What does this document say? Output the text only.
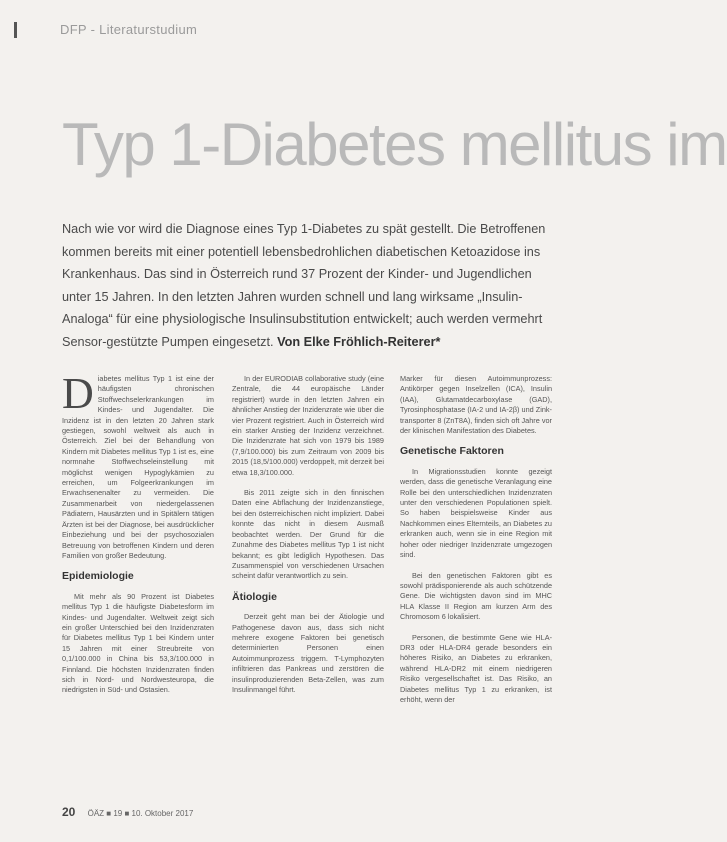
DFP - Literaturstudium
Typ 1-Diabetes mellitus im
Nach wie vor wird die Diagnose eines Typ 1-Diabetes zu spät gestellt. Die Betroffenen kommen bereits mit einer potentiell lebensbedrohlichen diabetischen Ketoazidose ins Krankenhaus. Das sind in Österreich rund 37 Prozent der Kinder- und Jugendlichen unter 15 Jahren. In den letzten Jahren wurden schnell und lang wirksame „Insulin-Analoga“ für eine physiologische Insulinsubstitution entwickelt; auch werden vermehrt Sensor-gestützte Pumpen eingesetzt. Von Elke Fröhlich-Reiterer*

Diabetes mellitus Typ 1 ist eine der häufigsten chronischen Stoffwechselerkrankungen im Kindes- und Jugendalter. Die Inzidenz ist in den letzten 20 Jahren stark gestiegen, sowohl weltweit als auch in Österreich. Ziel bei der Behandlung von Kindern mit Diabetes mellitus Typ 1 ist es, eine normnahe Stoffwechseleinstellung mit möglichst wenigen Hypoglykämien zu erreichen, um Folgeerkrankungen im Erwachsenenalter zu vermeiden. Die Zusammenarbeit von niedergelassenen Pädiatern, Hausärzten und in Spitälern tätigen Ärzten ist bei der Diagnose, bei ausdrücklicher Einbeziehung und bei der psychosozialen Betreuung von betroffenen Kindern und deren Familien von großer Bedeutung.

Epidemiologie

Mit mehr als 90 Prozent ist Diabetes mellitus Typ 1 die häufigste Diabetesform im Kindes- und Jugendalter. Weltweit zeigt sich ein großer Unterschied bei den Inzidenzraten für Diabetes mellitus Typ 1 bei Kindern unter 15 Jahren mit einer Streubreite von 0,1/100.000 in China bis 53,3/100.000 in Finnland. Die höchsten Inzidenzraten finden sich in Nord- und Nordwesteuropa, die niedrigsten in Süd- und Ostasien.

In der EURODIAB collaborative study (eine Zentrale, die 44 europäische Länder registriert) wurde in den letzten Jahren ein ähnlicher Anstieg der Inzidenzrate wie über die vier Prozent registriert. Auch in Österreich wird ein starker Anstieg der Inzidenz verzeichnet. Die Inzidenzrate hat sich von 1979 bis 1989 (7,9/100.000) bis zum Zeitraum von 2009 bis 2015 (18,5/100.000) verdoppelt, mit derzeit bei etwa 18,3/100.000.

Bis 2011 zeigte sich in den finnischen Daten eine Abflachung der Inzidenzanstiege, bei den österreichischen nicht impliziert. Dabei konnte das nicht in diesem Ausmaß beobachtet werden. Der Grund für die Zunahme des Diabetes mellitus Typ 1 ist nicht bekannt; es gibt lediglich Hypothesen. Das Zusammenspiel von verschiedenen Ursachen scheint dafür verantwortlich zu sein.

Ätiologie

Derzeit geht man bei der Ätiologie und Pathogenese davon aus, dass sich nicht mehrere exogene Faktoren bei genetisch determinierten Personen einen Autoimmunprozess triggern. T-Lymphozyten infiltrieren das Pankreas und zerstören die insulinproduzierenden Beta-Zellen, was zum Insulinmangel führt.

Marker für diesen Autoimmunprozess: Antikörper gegen Inselzellen (ICA), Insulin (IAA), Glutamatdecarboxylase (GAD), Tyrosinphosphatase (IA-2 und IA-2β) und Zink-transporter 8 (ZnT8A), finden sich oft Jahre vor der klinischen Manifestation des Diabetes.

Genetische Faktoren

In Migrationsstudien konnte gezeigt werden, dass die genetische Veranlagung eine Rolle bei den unterschiedlichen Inzidenzraten unter den verschiedenen Populationen spielt. So haben beispielsweise Kinder aus Nachkommen eines Elternteils, an Diabetes zu erkranken auch, wenn sie in eine Region mit hoher oder niedriger Inzidenzrate umgezogen sind.

Bei den genetischen Faktoren gibt es sowohl prädisponierende als auch schützende Gene. Die wichtigsten davon sind im MHC HLA Klasse II Region am kurzen Arm des Chromosom 6 lokalisiert.

Personen, die bestimmte Gene wie HLA-DR3 oder HLA-DR4 gerade besonders ein höheres Risiko, an Diabetes zu erkranken, während HLA-DR2 mit einem niedrigeren Risiko vergesellschaftet ist. Das Risiko, an Diabetes mellitus Typ 1 zu erkranken, ist erhöht, wenn der

20 ÖÄZ ■ 19 ■ 10. Oktober 2017
